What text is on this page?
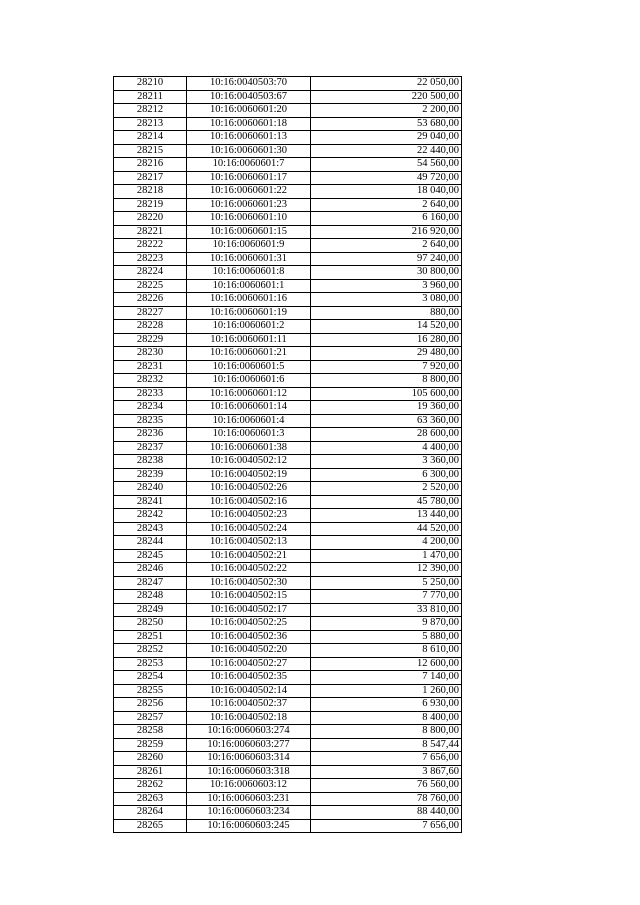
28210	10:16:0040503:70	22 050,00
28211	10:16:0040503:67	220 500,00
28212	10:16:0060601:20	2 200,00
28213	10:16:0060601:18	53 680,00
28214	10:16:0060601:13	29 040,00
28215	10:16:0060601:30	22 440,00
28216	10:16:0060601:7	54 560,00
28217	10:16:0060601:17	49 720,00
28218	10:16:0060601:22	18 040,00
28219	10:16:0060601:23	2 640,00
28220	10:16:0060601:10	6 160,00
28221	10:16:0060601:15	216 920,00
28222	10:16:0060601:9	2 640,00
28223	10:16:0060601:31	97 240,00
28224	10:16:0060601:8	30 800,00
28225	10:16:0060601:1	3 960,00
28226	10:16:0060601:16	3 080,00
28227	10:16:0060601:19	880,00
28228	10:16:0060601:2	14 520,00
28229	10:16:0060601:11	16 280,00
28230	10:16:0060601:21	29 480,00
28231	10:16:0060601:5	7 920,00
28232	10:16:0060601:6	8 800,00
28233	10:16:0060601:12	105 600,00
28234	10:16:0060601:14	19 360,00
28235	10:16:0060601:4	63 360,00
28236	10:16:0060601:3	28 600,00
28237	10:16:0060601:38	4 400,00
28238	10:16:0040502:12	3 360,00
28239	10:16:0040502:19	6 300,00
28240	10:16:0040502:26	2 520,00
28241	10:16:0040502:16	45 780,00
28242	10:16:0040502:23	13 440,00
28243	10:16:0040502:24	44 520,00
28244	10:16:0040502:13	4 200,00
28245	10:16:0040502:21	1 470,00
28246	10:16:0040502:22	12 390,00
28247	10:16:0040502:30	5 250,00
28248	10:16:0040502:15	7 770,00
28249	10:16:0040502:17	33 810,00
28250	10:16:0040502:25	9 870,00
28251	10:16:0040502:36	5 880,00
28252	10:16:0040502:20	8 610,00
28253	10:16:0040502:27	12 600,00
28254	10:16:0040502:35	7 140,00
28255	10:16:0040502:14	1 260,00
28256	10:16:0040502:37	6 930,00
28257	10:16:0040502:18	8 400,00
28258	10:16:0060603:274	8 800,00
28259	10:16:0060603:277	8 547,44
28260	10:16:0060603:314	7 656,00
28261	10:16:0060603:318	3 867,60
28262	10:16:0060603:12	76 560,00
28263	10:16:0060603:231	78 760,00
28264	10:16:0060603:234	88 440,00
28265	10:16:0060603:245	7 656,00
